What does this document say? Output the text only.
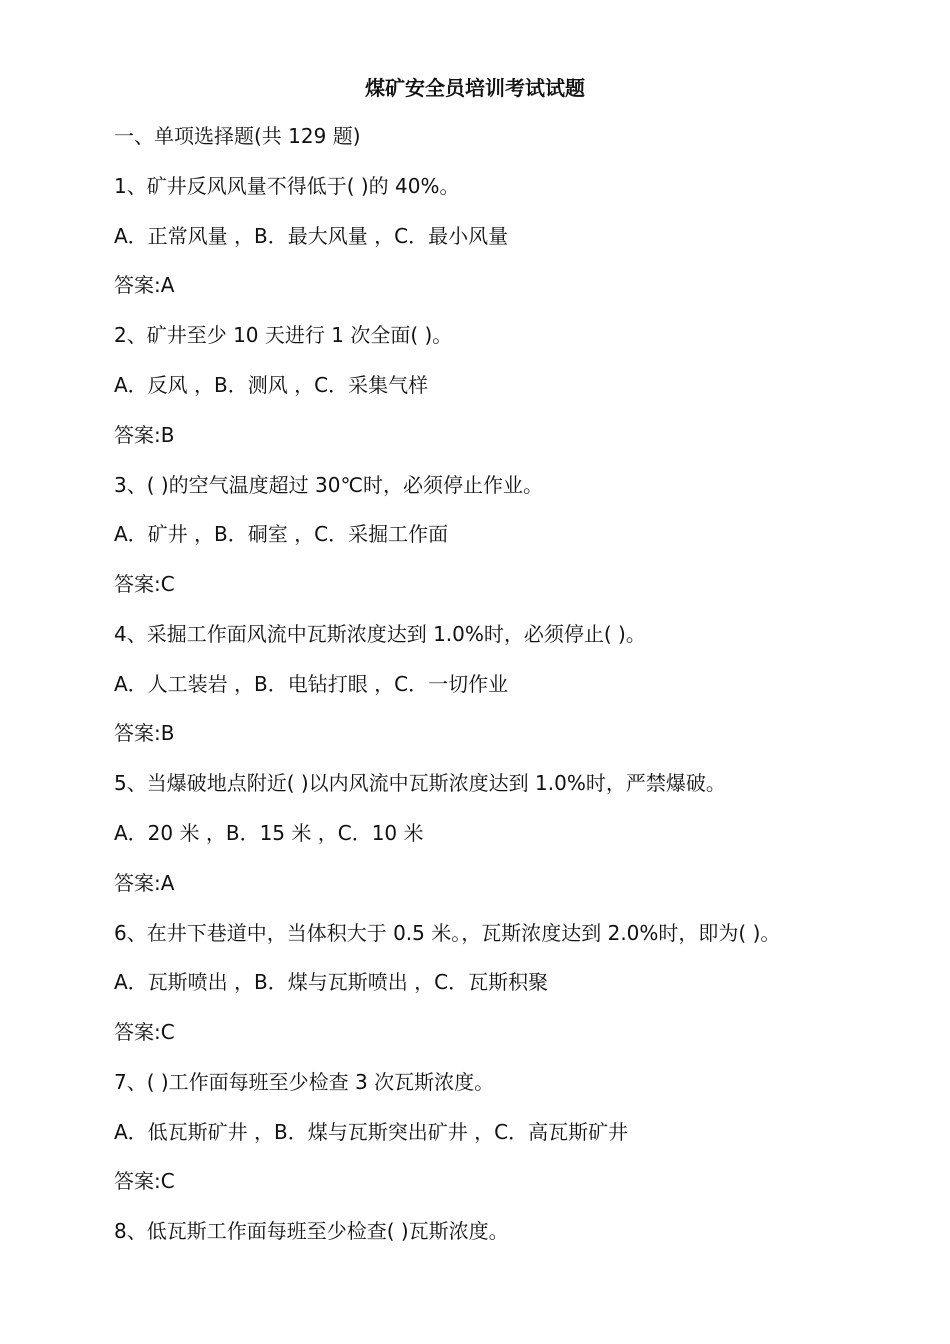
煤矿安全员培训考试试题

一、单项选择题(共 129 题)

1、矿井反风风量不得低于( )的 40%。

A．正常风量 ，B．最大风量 ，C．最小风量

答案:A

2、矿井至少 10 天进行 1 次全面( )。

A．反风 ，B．测风 ，C．采集气样

答案:B

3、( )的空气温度超过 30℃时，必须停止作业。

A．矿井 ，B．硐室 ，C．采掘工作面

答案:C

4、采掘工作面风流中瓦斯浓度达到 1.0%时，必须停止( )。

A．人工装岩 ，B．电钻打眼 ，C．一切作业

答案:B

5、当爆破地点附近( )以内风流中瓦斯浓度达到 1.0%时，严禁爆破。

A．20 米 ，B．15 米 ，C．10 米

答案:A

6、在井下巷道中，当体积大于 0.5 米。，瓦斯浓度达到 2.0%时，即为( )。

A．瓦斯喷出 ，B．煤与瓦斯喷出 ，C．瓦斯积聚

答案:C

7、( )工作面每班至少检查 3 次瓦斯浓度。

A．低瓦斯矿井 ，B．煤与瓦斯突出矿井 ，C．高瓦斯矿井

答案:C

8、低瓦斯工作面每班至少检查( )瓦斯浓度。
